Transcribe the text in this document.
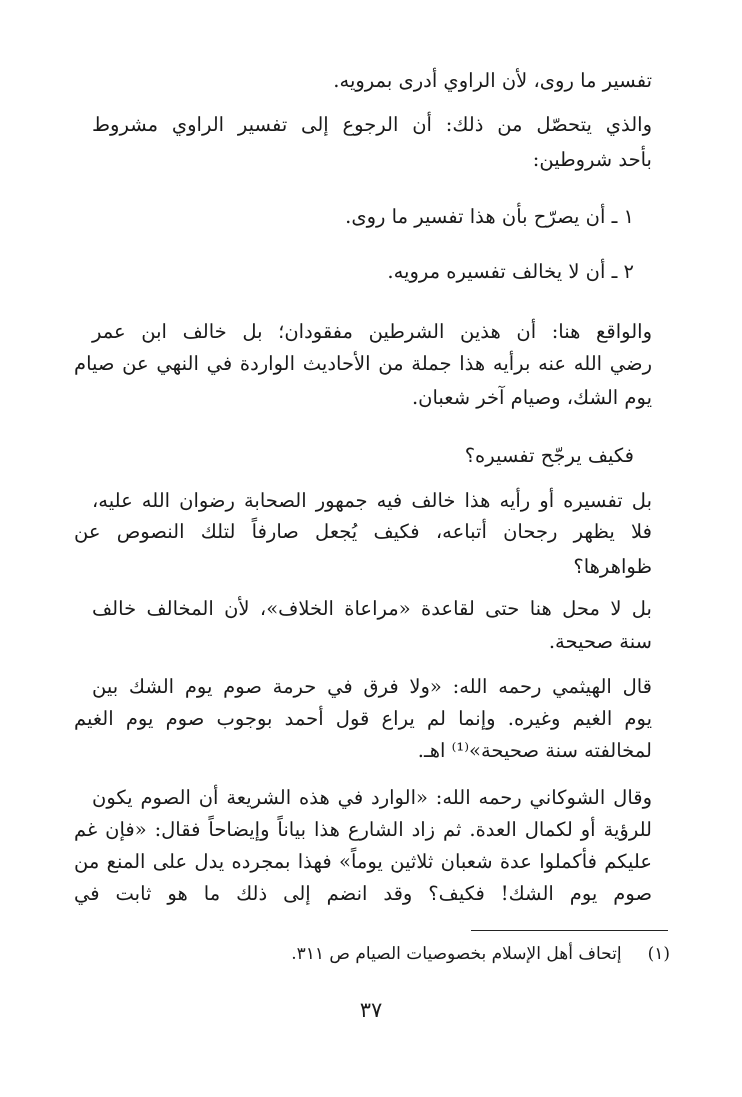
تفسير ما روى، لأن الراوي أدرى بمرويه.
والذي يتحصّل من ذلك: أن الرجوع إلى تفسير الراوي مشروط
بأحد شروطين:
١ ـ أن يصرّح بأن هذا تفسير ما روى.
٢ ـ أن لا يخالف تفسيره مرويه.
والواقع هنا: أن هذين الشرطين مفقودان؛ بل خالف ابن عمر
رضي الله عنه برأيه هذا جملة من الأحاديث الواردة في النهي عن صيام
يوم الشك، وصيام آخر شعبان.
فكيف يرجّح تفسيره؟
بل تفسيره أو رأيه هذا خالف فيه جمهور الصحابة رضوان الله عليه،
فلا يظهر رجحان أتباعه، فكيف يُجعل صارفاً لتلك النصوص عن
ظواهرها؟
بل لا محل هنا حتى لقاعدة «مراعاة الخلاف»، لأن المخالف خالف
سنة صحيحة.
قال الهيثمي رحمه الله: «ولا فرق في حرمة صوم يوم الشك بين
يوم الغيم وغيره. وإنما لم يراع قول أحمد بوجوب صوم يوم الغيم
لمخالفته سنة صحيحة»⁽¹⁾ اهـ.
وقال الشوكاني رحمه الله: «الوارد في هذه الشريعة أن الصوم يكون
للرؤية أو لكمال العدة. ثم زاد الشارع هذا بياناً وإيضاحاً فقال: «فإن غم
عليكم فأكملوا عدة شعبان ثلاثين يوماً» فهذا بمجرده يدل على المنع من
صوم يوم الشك! فكيف؟ وقد انضم إلى ذلك ما هو ثابت في
(١)إتحاف أهل الإسلام بخصوصيات الصيام ص ٣١١.
٣٧
